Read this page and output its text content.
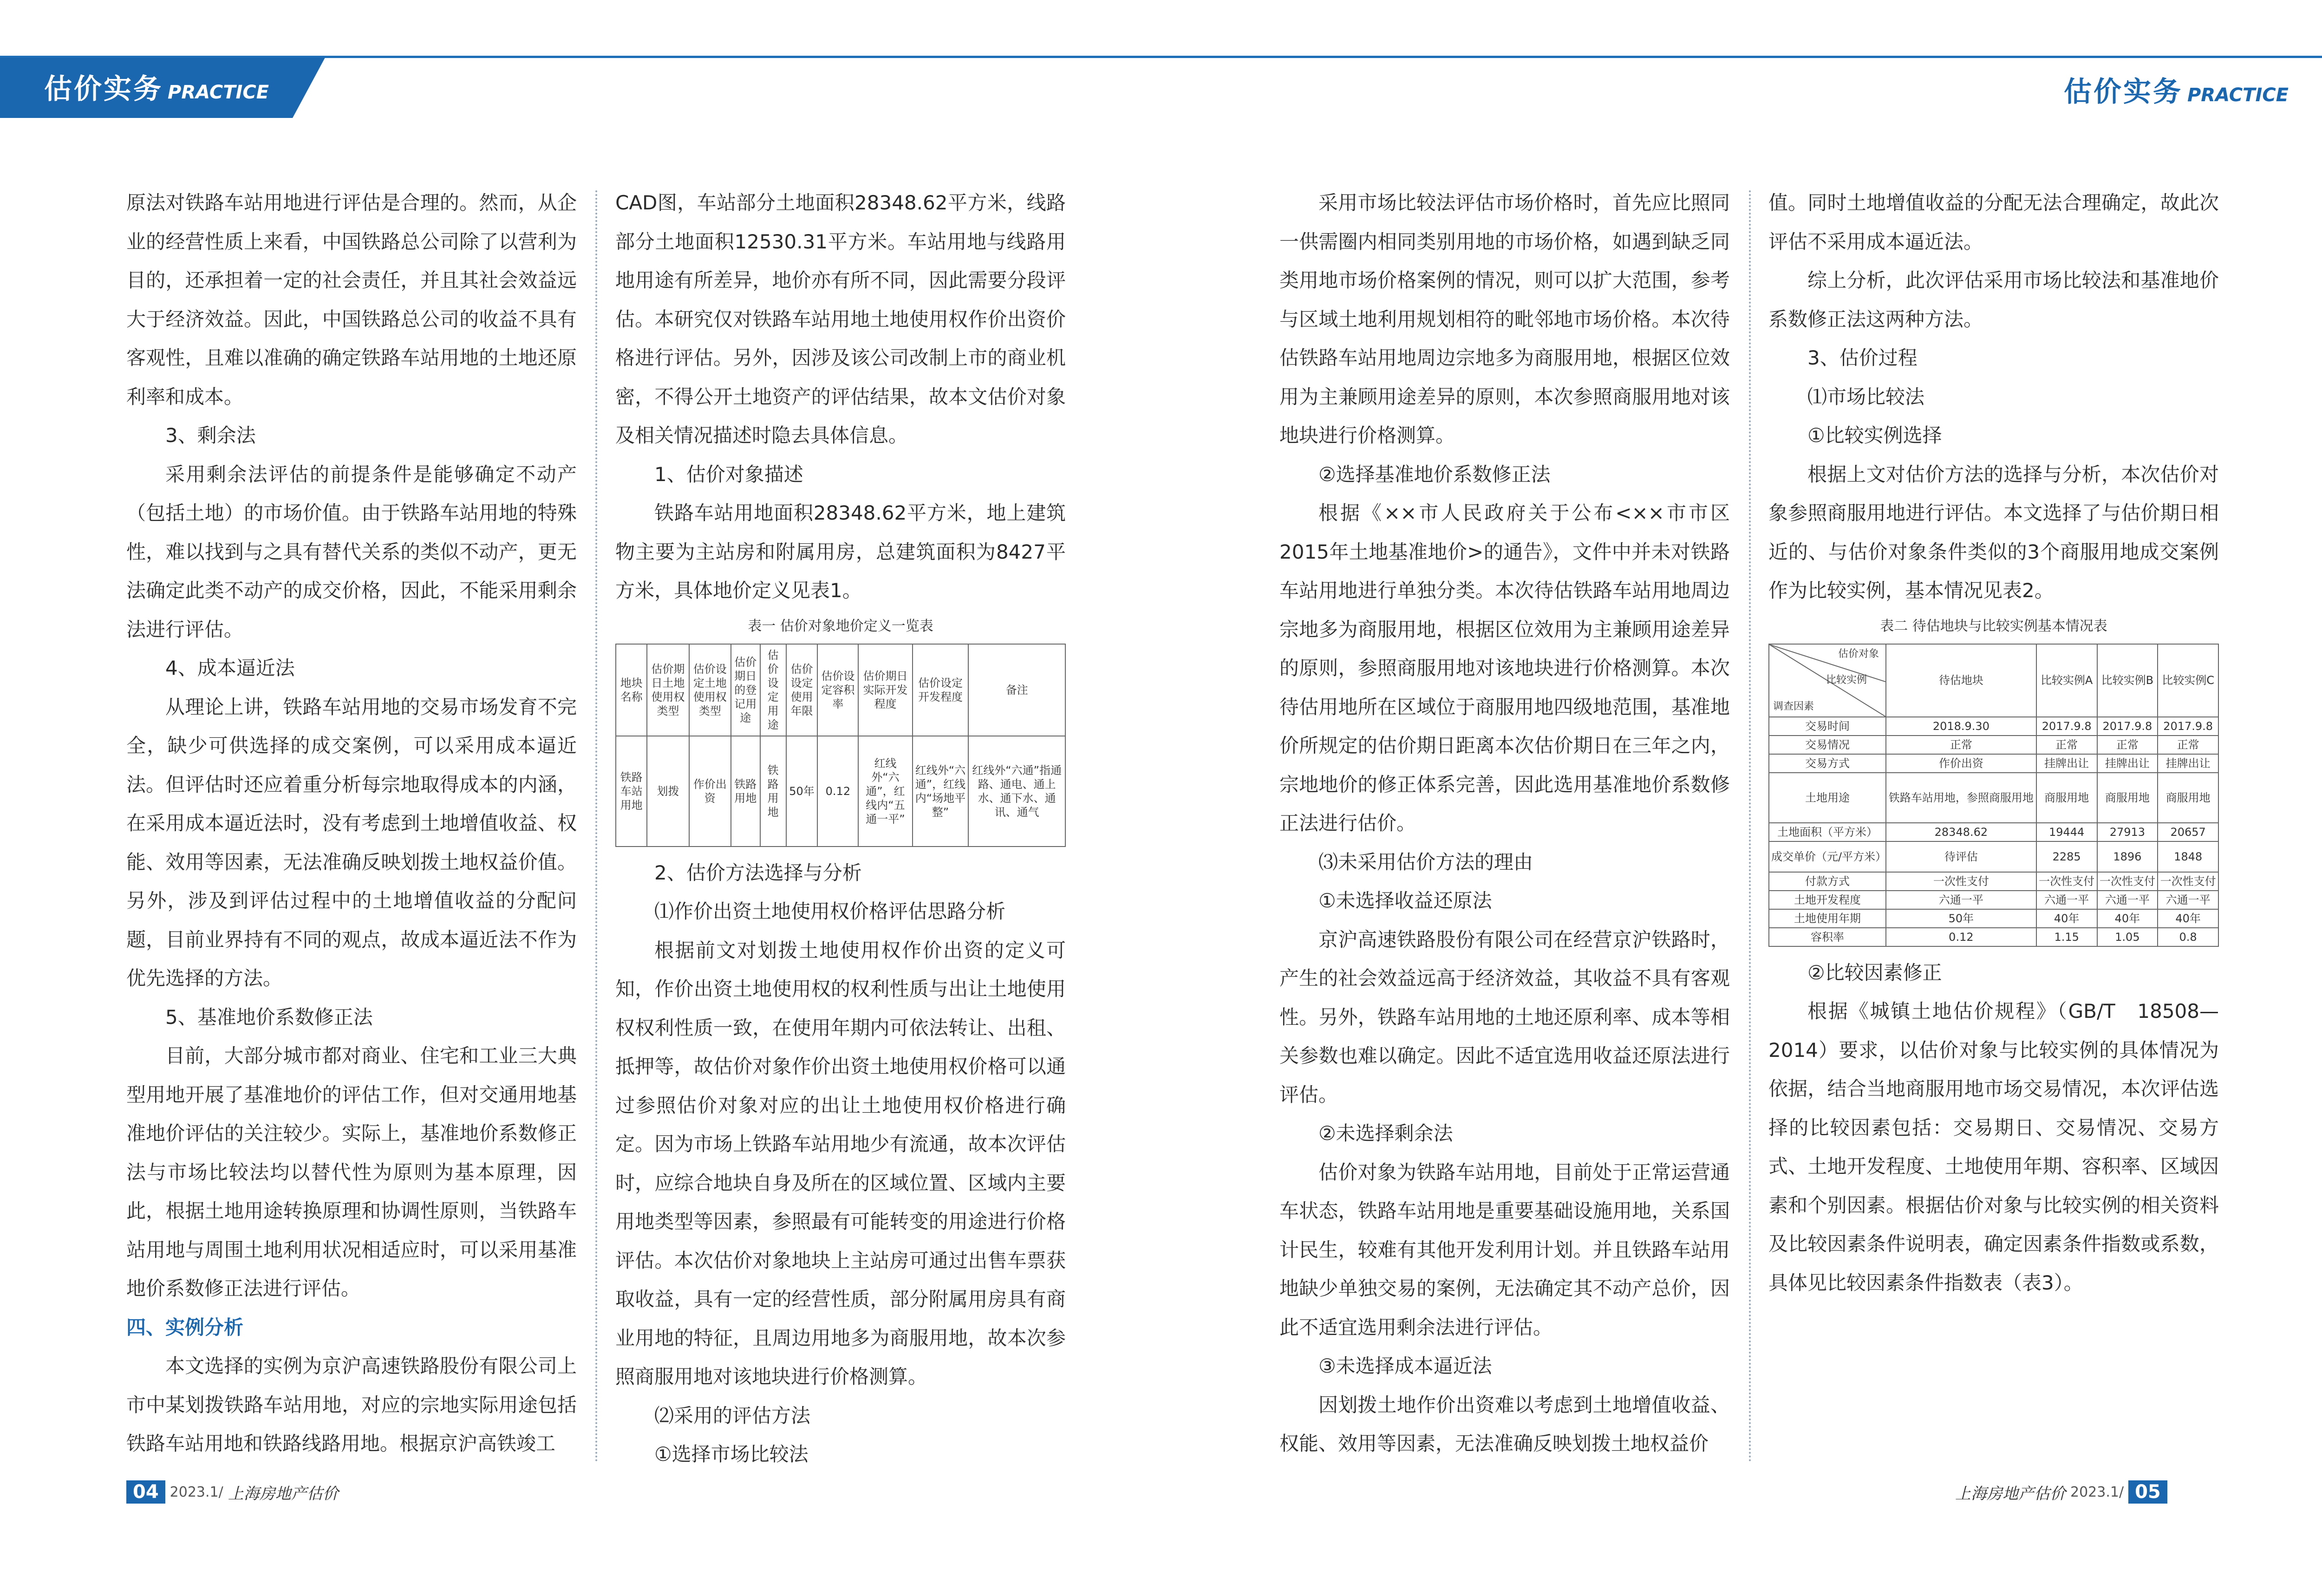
估价实务 PRACTICE	估价实务 PRACTICE

原法对铁路车站用地进行评估是合理的。然而，从企业的经营性质上来看，中国铁路总公司除了以营利为目的，还承担着一定的社会责任，并且其社会效益远大于经济效益。因此，中国铁路总公司的收益不具有客观性，且难以准确的确定铁路车站用地的土地还原利率和成本。

3、剩余法

采用剩余法评估的前提条件是能够确定不动产（包括土地）的市场价值。由于铁路车站用地的特殊性，难以找到与之具有替代关系的类似不动产，更无法确定此类不动产的成交价格，因此，不能采用剩余法进行评估。

4、成本逼近法

从理论上讲，铁路车站用地的交易市场发育不完全，缺少可供选择的成交案例，可以采用成本逼近法。但评估时还应着重分析每宗地取得成本的内涵，在采用成本逼近法时，没有考虑到土地增值收益、权能、效用等因素，无法准确反映划拨土地权益价值。另外，涉及到评估过程中的土地增值收益的分配问题，目前业界持有不同的观点，故成本逼近法不作为优先选择的方法。

5、基准地价系数修正法

目前，大部分城市都对商业、住宅和工业三大典型用地开展了基准地价的评估工作，但对交通用地基准地价评估的关注较少。实际上，基准地价系数修正法与市场比较法均以替代性为原则为基本原理，因此，根据土地用途转换原理和协调性原则，当铁路车站用地与周围土地利用状况相适应时，可以采用基准地价系数修正法进行评估。

四、实例分析

本文选择的实例为京沪高速铁路股份有限公司上市中某划拨铁路车站用地，对应的宗地实际用途包括铁路车站用地和铁路线路用地。根据京沪高铁竣工

CAD图，车站部分土地面积28348.62平方米，线路部分土地面积12530.31平方米。车站用地与线路用地用途有所差异，地价亦有所不同，因此需要分段评估。本研究仅对铁路车站用地土地使用权作价出资价格进行评估。另外，因涉及该公司改制上市的商业机密，不得公开土地资产的评估结果，故本文估价对象及相关情况描述时隐去具体信息。

1、估价对象描述

铁路车站用地面积28348.62平方米，地上建筑物主要为主站房和附属用房，总建筑面积为8427平方米，具体地价定义见表1。

表一 估价对象地价定义一览表
地块名称	估价期日土地使用权类型	估价设定土地使用权类型	估价期日的登记用途	估价设定用途	估价设定使用年限	估价设定容积率	估价期日实际开发程度	估价设定开发程度	备注
铁路车站用地	划拨	作价出资	铁路用地	铁路用地	50年	0.12	红线外“六通”，红线内“五通一平”	红线外“六通”，红线内“场地平整”	红线外“六通”指通路、通电、通上水、通下水、通讯、通气

2、估价方法选择与分析

⑴作价出资土地使用权价格评估思路分析

根据前文对划拨土地使用权作价出资的定义可知，作价出资土地使用权的权利性质与出让土地使用权权利性质一致，在使用年期内可依法转让、出租、抵押等，故估价对象作价出资土地使用权价格可以通过参照估价对象对应的出让土地使用权价格进行确定。因为市场上铁路车站用地少有流通，故本次评估时，应综合地块自身及所在的区域位置、区域内主要用地类型等因素，参照最有可能转变的用途进行价格评估。本次估价对象地块上主站房可通过出售车票获取收益，具有一定的经营性质，部分附属用房具有商业用地的特征，且周边用地多为商服用地，故本次参照商服用地对该地块进行价格测算。

⑵采用的评估方法

①选择市场比较法

采用市场比较法评估市场价格时，首先应比照同一供需圈内相同类别用地的市场价格，如遇到缺乏同类用地市场价格案例的情况，则可以扩大范围，参考与区域土地利用规划相符的毗邻地市场价格。本次待估铁路车站用地周边宗地多为商服用地，根据区位效用为主兼顾用途差异的原则，本次参照商服用地对该地块进行价格测算。

②选择基准地价系数修正法

根据《××市人民政府关于公布<××市市区2015年土地基准地价>的通告》，文件中并未对铁路车站用地进行单独分类。本次待估铁路车站用地周边宗地多为商服用地，根据区位效用为主兼顾用途差异的原则，参照商服用地对该地块进行价格测算。本次待估用地所在区域位于商服用地四级地范围，基准地价所规定的估价期日距离本次估价期日在三年之内，宗地地价的修正体系完善，因此选用基准地价系数修正法进行估价。

⑶未采用估价方法的理由

①未选择收益还原法

京沪高速铁路股份有限公司在经营京沪铁路时，产生的社会效益远高于经济效益，其收益不具有客观性。另外，铁路车站用地的土地还原利率、成本等相关参数也难以确定。因此不适宜选用收益还原法进行评估。

②未选择剩余法

估价对象为铁路车站用地，目前处于正常运营通车状态，铁路车站用地是重要基础设施用地，关系国计民生，较难有其他开发利用计划。并且铁路车站用地缺少单独交易的案例，无法确定其不动产总价，因此不适宜选用剩余法进行评估。

③未选择成本逼近法

因划拨土地作价出资难以考虑到土地增值收益、权能、效用等因素，无法准确反映划拨土地权益价

值。同时土地增值收益的分配无法合理确定，故此次评估不采用成本逼近法。

综上分析，此次评估采用市场比较法和基准地价系数修正法这两种方法。

3、估价过程

⑴市场比较法

①比较实例选择

根据上文对估价方法的选择与分析，本次估价对象参照商服用地进行评估。本文选择了与估价期日相近的、与估价对象条件类似的3个商服用地成交案例作为比较实例，基本情况见表2。

表二 待估地块与比较实例基本情况表
估价对象
比较实例
调查因素	待估地块	比较实例A	比较实例B	比较实例C
交易时间	2018.9.30	2017.9.8	2017.9.8	2017.9.8
交易情况	正常	正常	正常	正常
交易方式	作价出资	挂牌出让	挂牌出让	挂牌出让
土地用途	铁路车站用地，参照商服用地	商服用地	商服用地	商服用地
土地面积（平方米）	28348.62	19444	27913	20657
成交单价（元/平方米）	待评估	2285	1896	1848
付款方式	一次性支付	一次性支付	一次性支付	一次性支付
土地开发程度	六通一平	六通一平	六通一平	六通一平
土地使用年期	50年	40年	40年	40年
容积率	0.12	1.15	1.05	0.8

②比较因素修正

根据《城镇土地估价规程》（GB/T　18508—2014）要求，以估价对象与比较实例的具体情况为依据，结合当地商服用地市场交易情况，本次评估选择的比较因素包括：交易期日、交易情况、交易方式、土地开发程度、土地使用年期、容积率、区域因素和个别因素。根据估价对象与比较实例的相关资料及比较因素条件说明表，确定因素条件指数或系数，具体见比较因素条件指数表（表3）。

04 2023.1/ 上海房地产估价	上海房地产估价 2023.1/ 05
